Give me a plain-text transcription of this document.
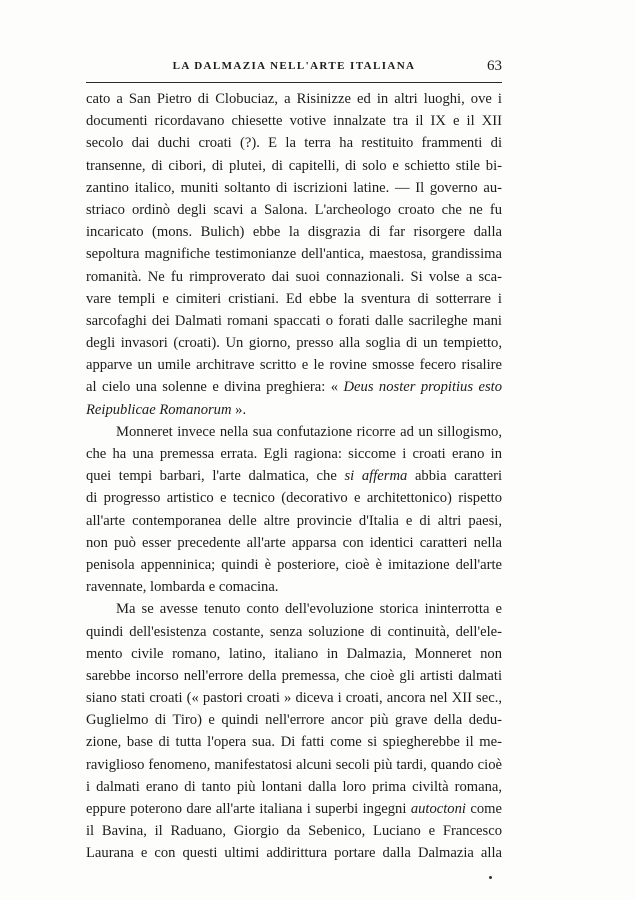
LA DALMAZIA NELL'ARTE ITALIANA	63
cato a San Pietro di Clobuciaz, a Risinizze ed in altri luoghi, ove i
documenti ricordavano chiesette votive innalzate tra il IX e il XII
secolo dai duchi croati (?). E la terra ha restituito frammenti di
transenne, di cibori, di plutei, di capitelli, di solo e schietto stile bi-
zantino italico, muniti soltanto di iscrizioni latine. — Il governo au-
striaco ordinò degli scavi a Salona. L'archeologo croato che ne fu
incaricato (mons. Bulich) ebbe la disgrazia di far risorgere dalla
sepoltura magnifiche testimonianze dell'antica, maestosa, grandissima
romanità. Ne fu rimproverato dai suoi connazionali. Si volse a sca-
vare templi e cimiteri cristiani. Ed ebbe la sventura di sotterrare i
sarcofaghi dei Dalmati romani spaccati o forati dalle sacrileghe mani
degli invasori (croati). Un giorno, presso alla soglia di un tempietto,
apparve un umile architrave scritto e le rovine smosse fecero risalire
al cielo una solenne e divina preghiera: « Deus noster propitius esto
Reipublicae Romanorum ».
Monneret invece nella sua confutazione ricorre ad un sillogismo,
che ha una premessa errata. Egli ragiona: siccome i croati erano in
quei tempi barbari, l'arte dalmatica, che si afferma abbia caratteri
di progresso artistico e tecnico (decorativo e architettonico) rispetto
all'arte contemporanea delle altre provincie d'Italia e di altri paesi,
non può esser precedente all'arte apparsa con identici caratteri nella
penisola appenninica; quindi è posteriore, cioè è imitazione dell'arte
ravennate, lombarda e comacina.
Ma se avesse tenuto conto dell'evoluzione storica ininterrotta e
quindi dell'esistenza costante, senza soluzione di continuità, dell'ele-
mento civile romano, latino, italiano in Dalmazia, Monneret non
sarebbe incorso nell'errore della premessa, che cioè gli artisti dalmati
siano stati croati (« pastori croati » diceva i croati, ancora nel XII sec.,
Guglielmo di Tiro) e quindi nell'errore ancor più grave della dedu-
zione, base di tutta l'opera sua. Di fatti come si spiegherebbe il me-
raviglioso fenomeno, manifestatosi alcuni secoli più tardi, quando cioè
i dalmati erano di tanto più lontani dalla loro prima civiltà romana,
eppure poterono dare all'arte italiana i superbi ingegni autoctoni come
il Bavina, il Raduano, Giorgio da Sebenico, Luciano e Francesco
Laurana e con questi ultimi addirittura portare dalla Dalmazia alla
